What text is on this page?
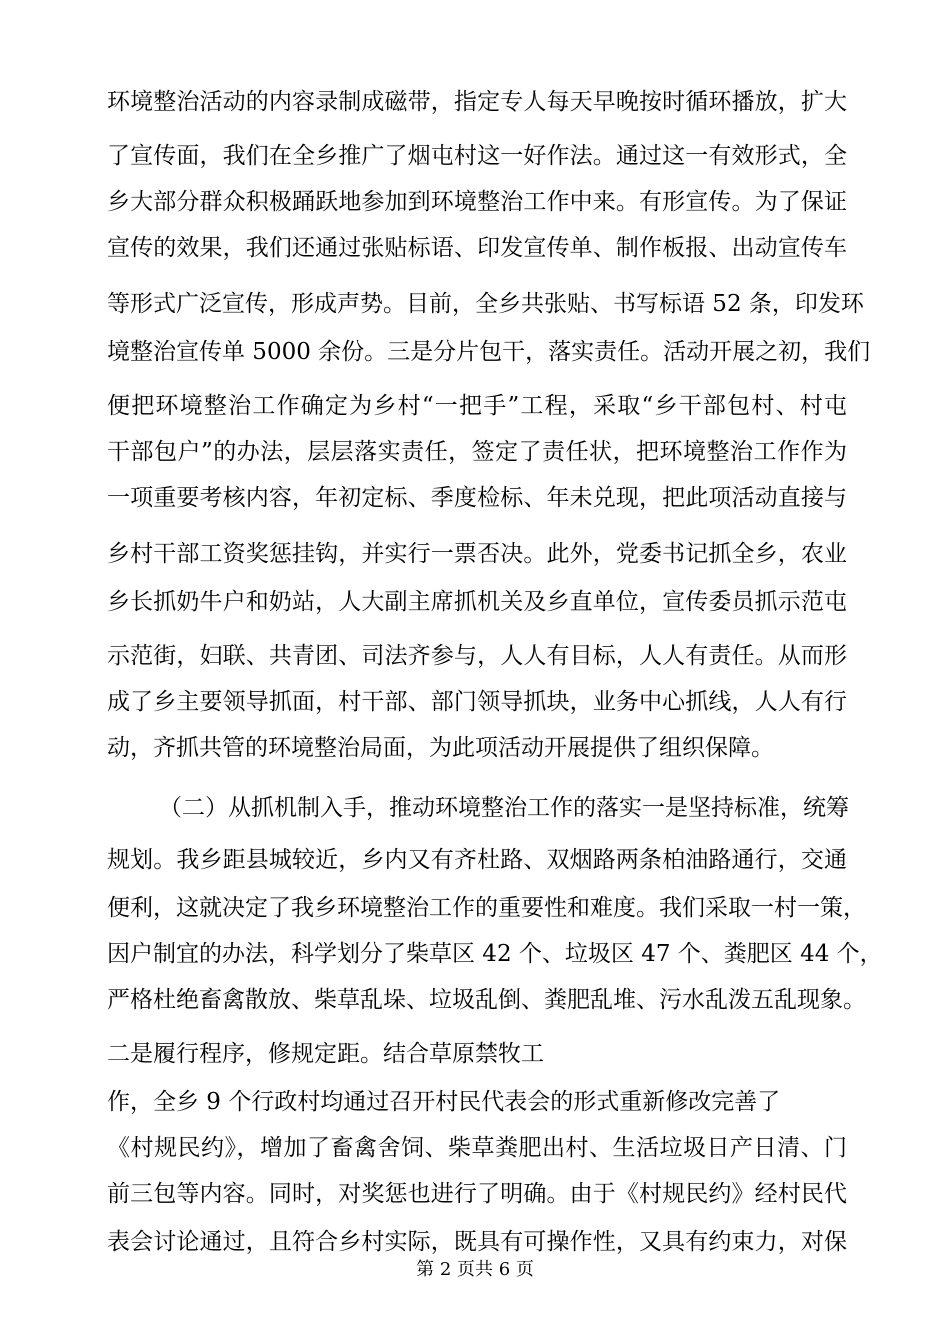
环境整治活动的内容录制成磁带，指定专人每天早晚按时循环播放，扩大
了宣传面，我们在全乡推广了烟屯村这一好作法。通过这一有效形式，全
乡大部分群众积极踊跃地参加到环境整治工作中来。有形宣传。为了保证
宣传的效果，我们还通过张贴标语、印发宣传单、制作板报、出动宣传车
等形式广泛宣传，形成声势。目前，全乡共张贴、书写标语 52 条，印发环
境整治宣传单 5000 余份。三是分片包干，落实责任。活动开展之初，我们
便把环境整治工作确定为乡村“一把手”工程，采取“乡干部包村、村屯
干部包户”的办法，层层落实责任，签定了责任状，把环境整治工作作为
一项重要考核内容，年初定标、季度检标、年未兑现，把此项活动直接与
乡村干部工资奖惩挂钩，并实行一票否决。此外，党委书记抓全乡，农业
乡长抓奶牛户和奶站，人大副主席抓机关及乡直单位，宣传委员抓示范屯
示范街，妇联、共青团、司法齐参与，人人有目标，人人有责任。从而形
成了乡主要领导抓面，村干部、部门领导抓块，业务中心抓线，人人有行
动，齐抓共管的环境整治局面，为此项活动开展提供了组织保障。
（二）从抓机制入手，推动环境整治工作的落实一是坚持标准，统筹
规划。我乡距县城较近，乡内又有齐杜路、双烟路两条柏油路通行，交通
便利，这就决定了我乡环境整治工作的重要性和难度。我们采取一村一策，
因户制宜的办法，科学划分了柴草区 42 个、垃圾区 47 个、粪肥区 44 个，
严格杜绝畜禽散放、柴草乱垛、垃圾乱倒、粪肥乱堆、污水乱泼五乱现象。
二是履行程序，修规定距。结合草原禁牧工
作，全乡 9 个行政村均通过召开村民代表会的形式重新修改完善了
《村规民约》，增加了畜禽舍饲、柴草粪肥出村、生活垃圾日产日清、门
前三包等内容。同时，对奖惩也进行了明确。由于《村规民约》经村民代
表会讨论通过，且符合乡村实际，既具有可操作性，又具有约束力，对保
第 2 页共 6 页
